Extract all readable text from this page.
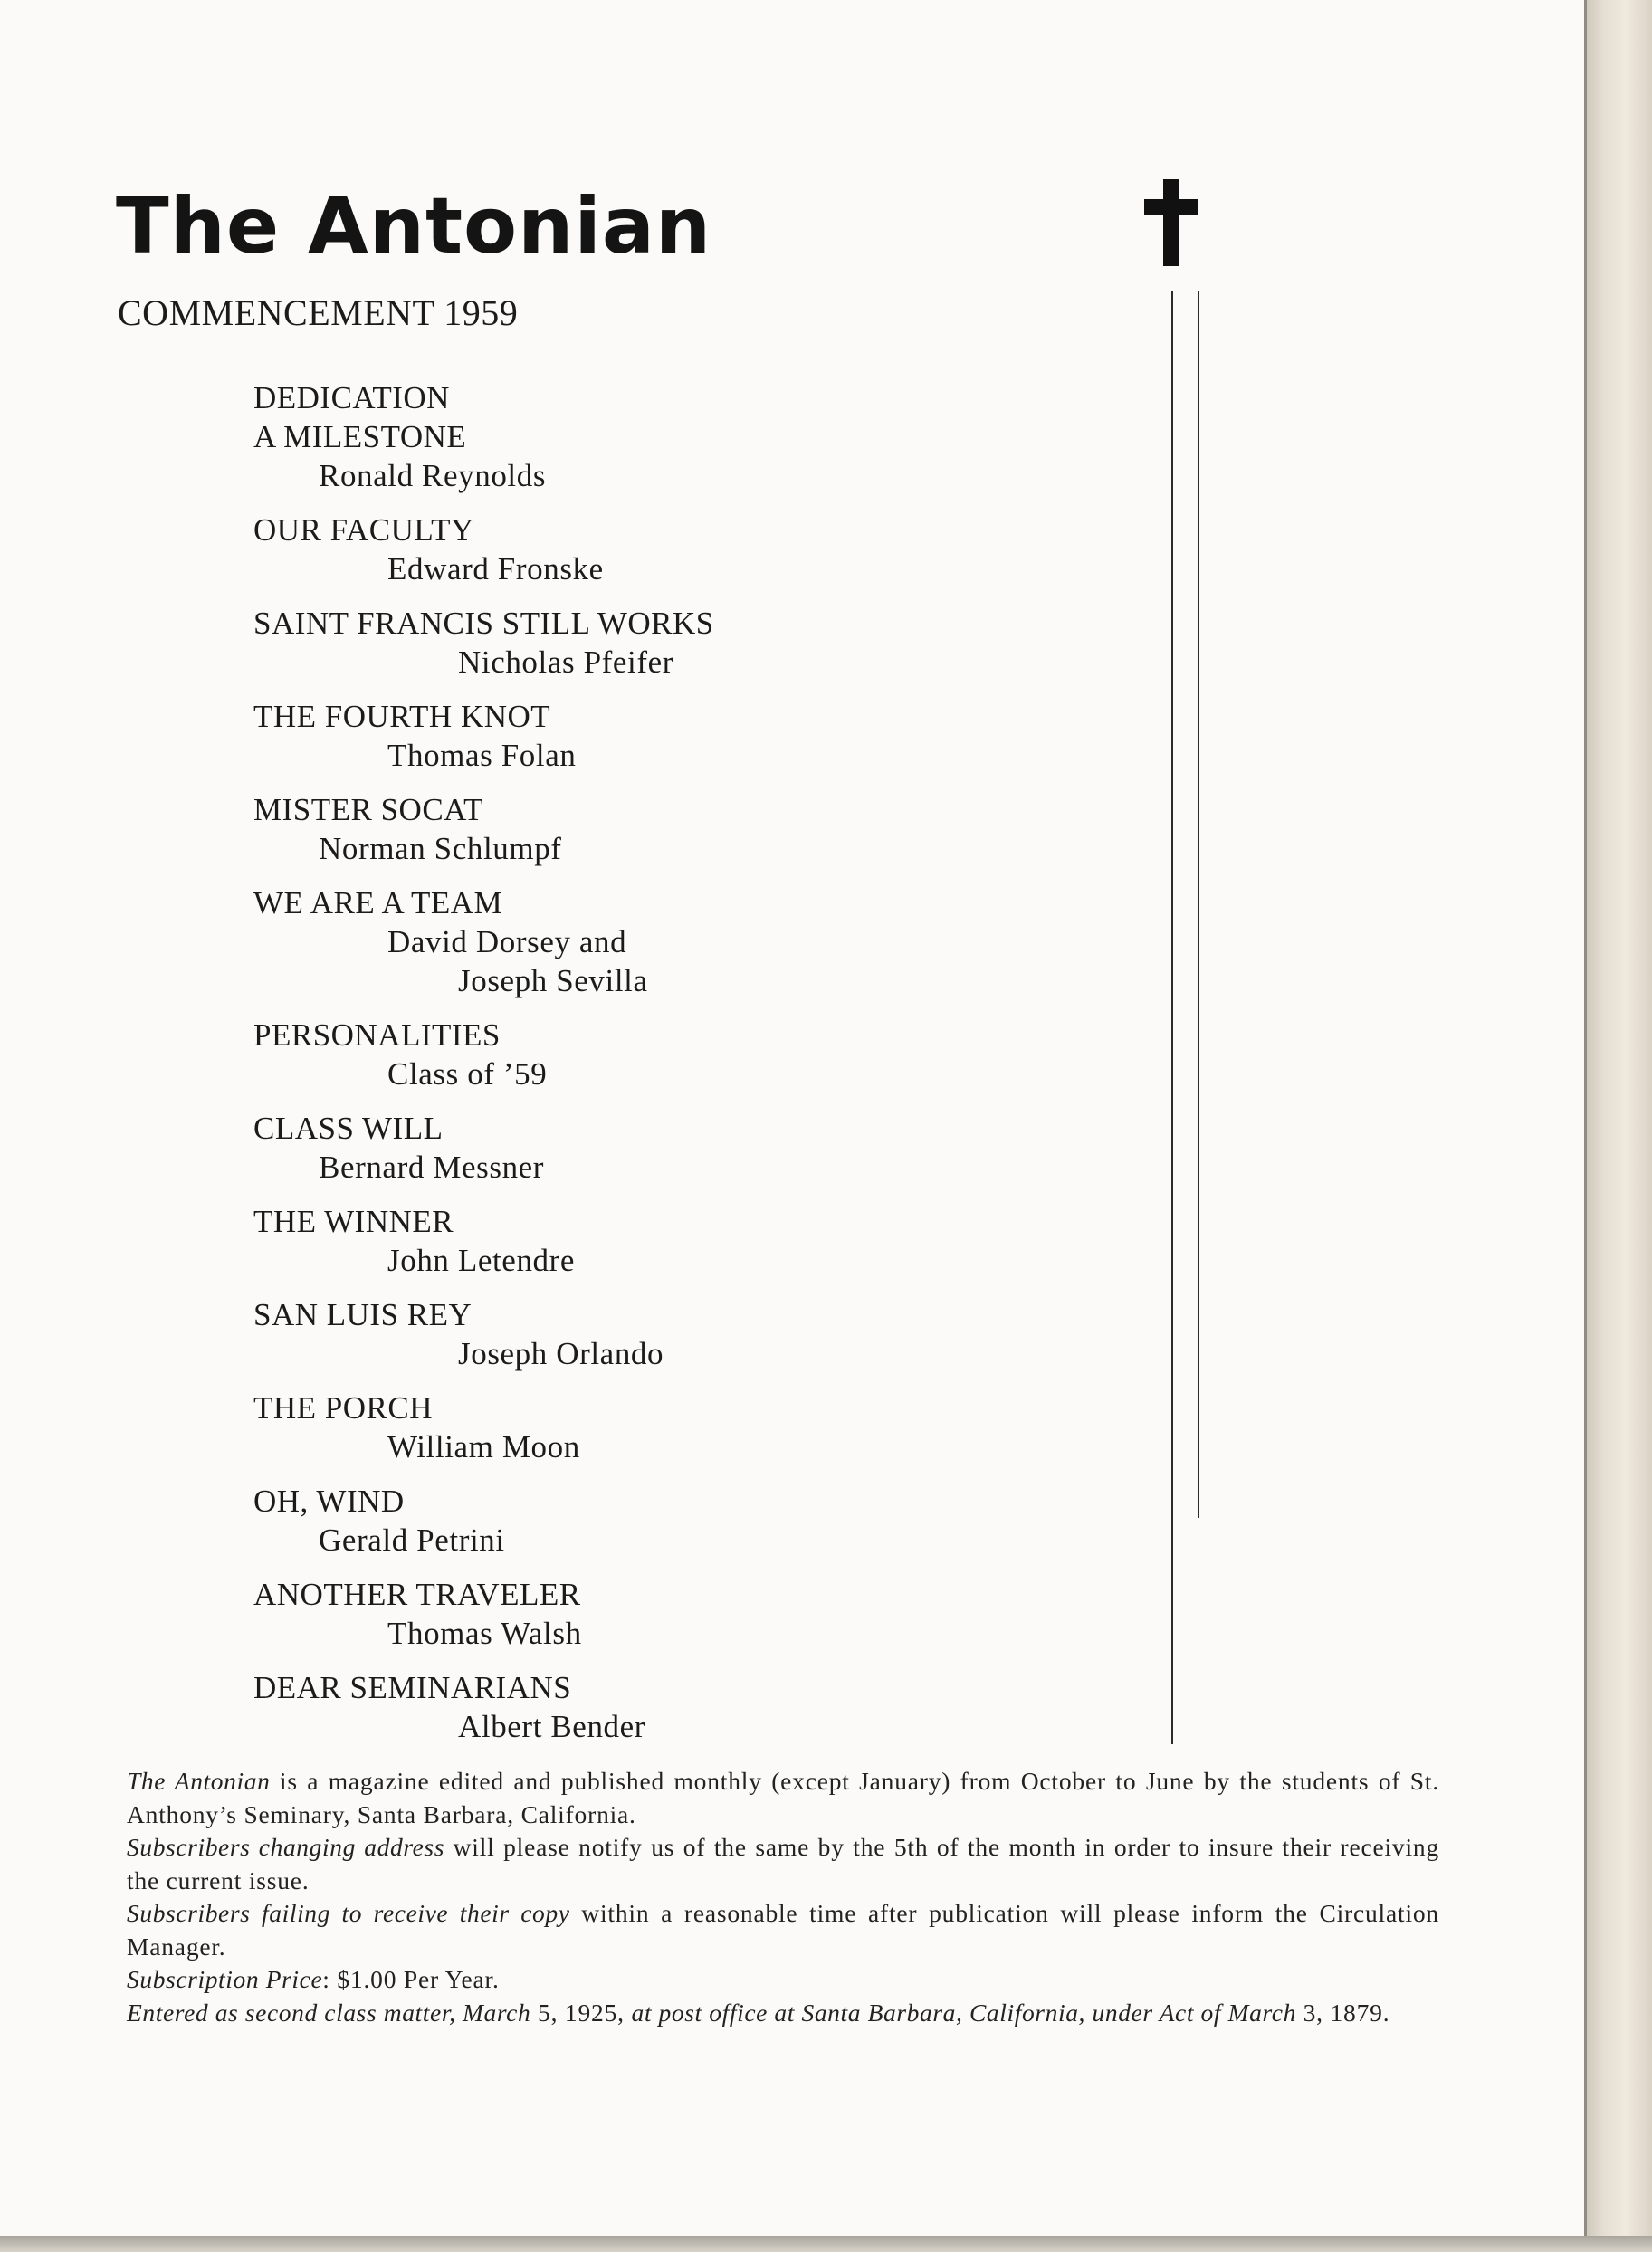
The Antonian
COMMENCEMENT 1959
DEDICATION
A MILESTONE
Ronald Reynolds
OUR FACULTY
Edward Fronske
SAINT FRANCIS STILL WORKS
Nicholas Pfeifer
THE FOURTH KNOT
Thomas Folan
MISTER SOCAT
Norman Schlumpf
WE ARE A TEAM
David Dorsey and
Joseph Sevilla
PERSONALITIES
Class of ’59
CLASS WILL
Bernard Messner
THE WINNER
John Letendre
SAN LUIS REY
Joseph Orlando
THE PORCH
William Moon
OH, WIND
Gerald Petrini
ANOTHER TRAVELER
Thomas Walsh
DEAR SEMINARIANS
Albert Bender

The Antonian is a magazine edited and published monthly (except January) from October to June by the students of St. Anthony’s Seminary, Santa Barbara, California.

Subscribers changing address will please notify us of the same by the 5th of the month in order to insure their receiving the current issue.

Subscribers failing to receive their copy within a reasonable time after publication will please inform the Circulation Manager.

Subscription Price: $1.00 Per Year.

Entered as second class matter, March 5, 1925, at post office at Santa Barbara, California, under Act of March 3, 1879.
